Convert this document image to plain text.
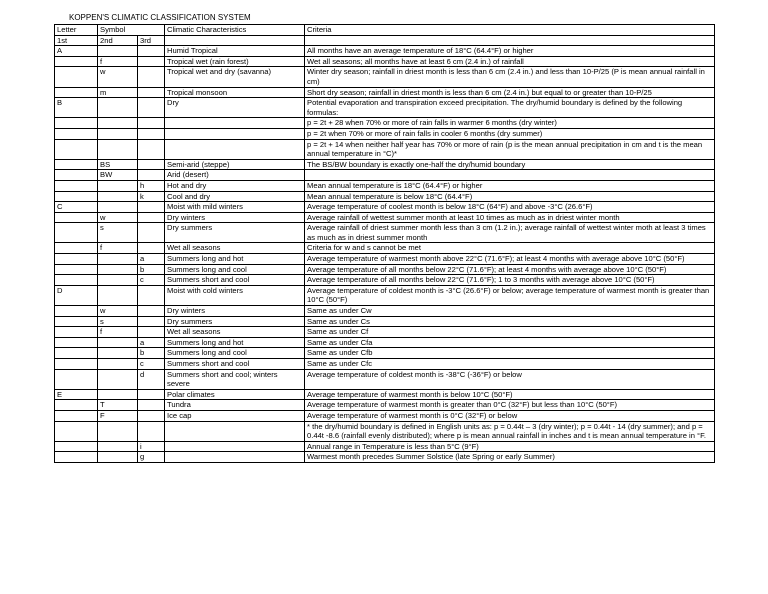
KOPPEN'S CLIMATIC CLASSIFICATION SYSTEM
Letter	Symbol		Climatic Characteristics	Criteria
1st	2nd	3rd		
A			Humid Tropical	All months have an average temperature of 18°C (64.4°F) or higher
	f		Tropical wet (rain forest)	Wet all seasons; all months have at least 6 cm (2.4 in.) of rainfall
	w		Tropical wet and dry (savanna)	Winter dry season; rainfall in driest month is less than 6 cm (2.4 in.) and less than 10-P/25 (P is mean annual rainfall in cm)
	m		Tropical monsoon	Short dry season; rainfall in driest month is less than 6 cm (2.4 in.) but equal to or greater than 10-P/25
B			Dry	Potential evaporation and transpiration exceed precipitation. The dry/humid boundary is defined by the following formulas:
				p = 2t + 28 when 70% or more of rain falls in warmer 6 months (dry winter)
				p = 2t when 70% or more of rain falls in cooler 6 months (dry summer)
				p = 2t + 14 when neither half year has 70% or more of rain (p is the mean annual precipitation in cm and t is the mean annual temperature in °C)*
	BS		Semi-arid (steppe)	The BS/BW boundary is exactly one-half the dry/humid boundary
	BW		Arid (desert)	
		h	Hot and dry	Mean annual temperature is 18°C (64.4°F) or higher
		k	Cool and dry	Mean annual temperature is below 18°C (64.4°F)
C			Moist with mild winters	Average temperature of coolest month is below 18°C (64°F) and above -3°C (26.6°F)
	w		Dry winters	Average rainfall of wettest summer month at least 10 times as much as in driest winter month
	s		Dry summers	Average rainfall of driest summer month less than 3 cm (1.2 in.); average rainfall of wettest winter moth at least 3 times as much as in driest summer month
	f		Wet all seasons	Criteria for w and s cannot be met
		a	Summers long and hot	Average temperature of warmest month above 22°C (71.6°F); at least 4 months with average above 10°C (50°F)
		b	Summers long and cool	Average temperature of all months below 22°C (71.6°F); at least 4 months with average above 10°C (50°F)
		c	Summers short and cool	Average temperature of all months below 22°C (71.6°F); 1 to 3 months with average above 10°C (50°F)
D			Moist with cold winters	Average temperature of coldest month is -3°C (26.6°F) or below; average temperature of warmest month is greater than 10°C (50°F)
	w		Dry winters	Same as under Cw
	s		Dry summers	Same as under Cs
	f		Wet all seasons	Same as under Cf
		a	Summers long and hot	Same as under Cfa
		b	Summers long and cool	Same as under Cfb
		c	Summers short and cool	Same as under Cfc
		d	Summers short and cool; winters severe	Average temperature of coldest month is -38°C (-36°F) or below
E			Polar climates	Average temperature of warmest month is below 10°C (50°F)
	T		Tundra	Average temperature of warmest month is greater than 0°C (32°F) but less than 10°C (50°F)
	F		Ice cap	Average temperature of warmest month is 0°C (32°F) or below
				* the dry/humid boundary is defined in English units as: p = 0.44t – 3 (dry winter); p = 0.44t - 14 (dry summer); and p = 0.44t -8.6 (rainfall evenly distributed); where p is mean annual rainfall in inches and t is mean annual temperature in °F.
		i		Annual range in Temperature is less than 5°C (9°F)
		g		Warmest month precedes Summer Solstice (late Spring or early Summer)
